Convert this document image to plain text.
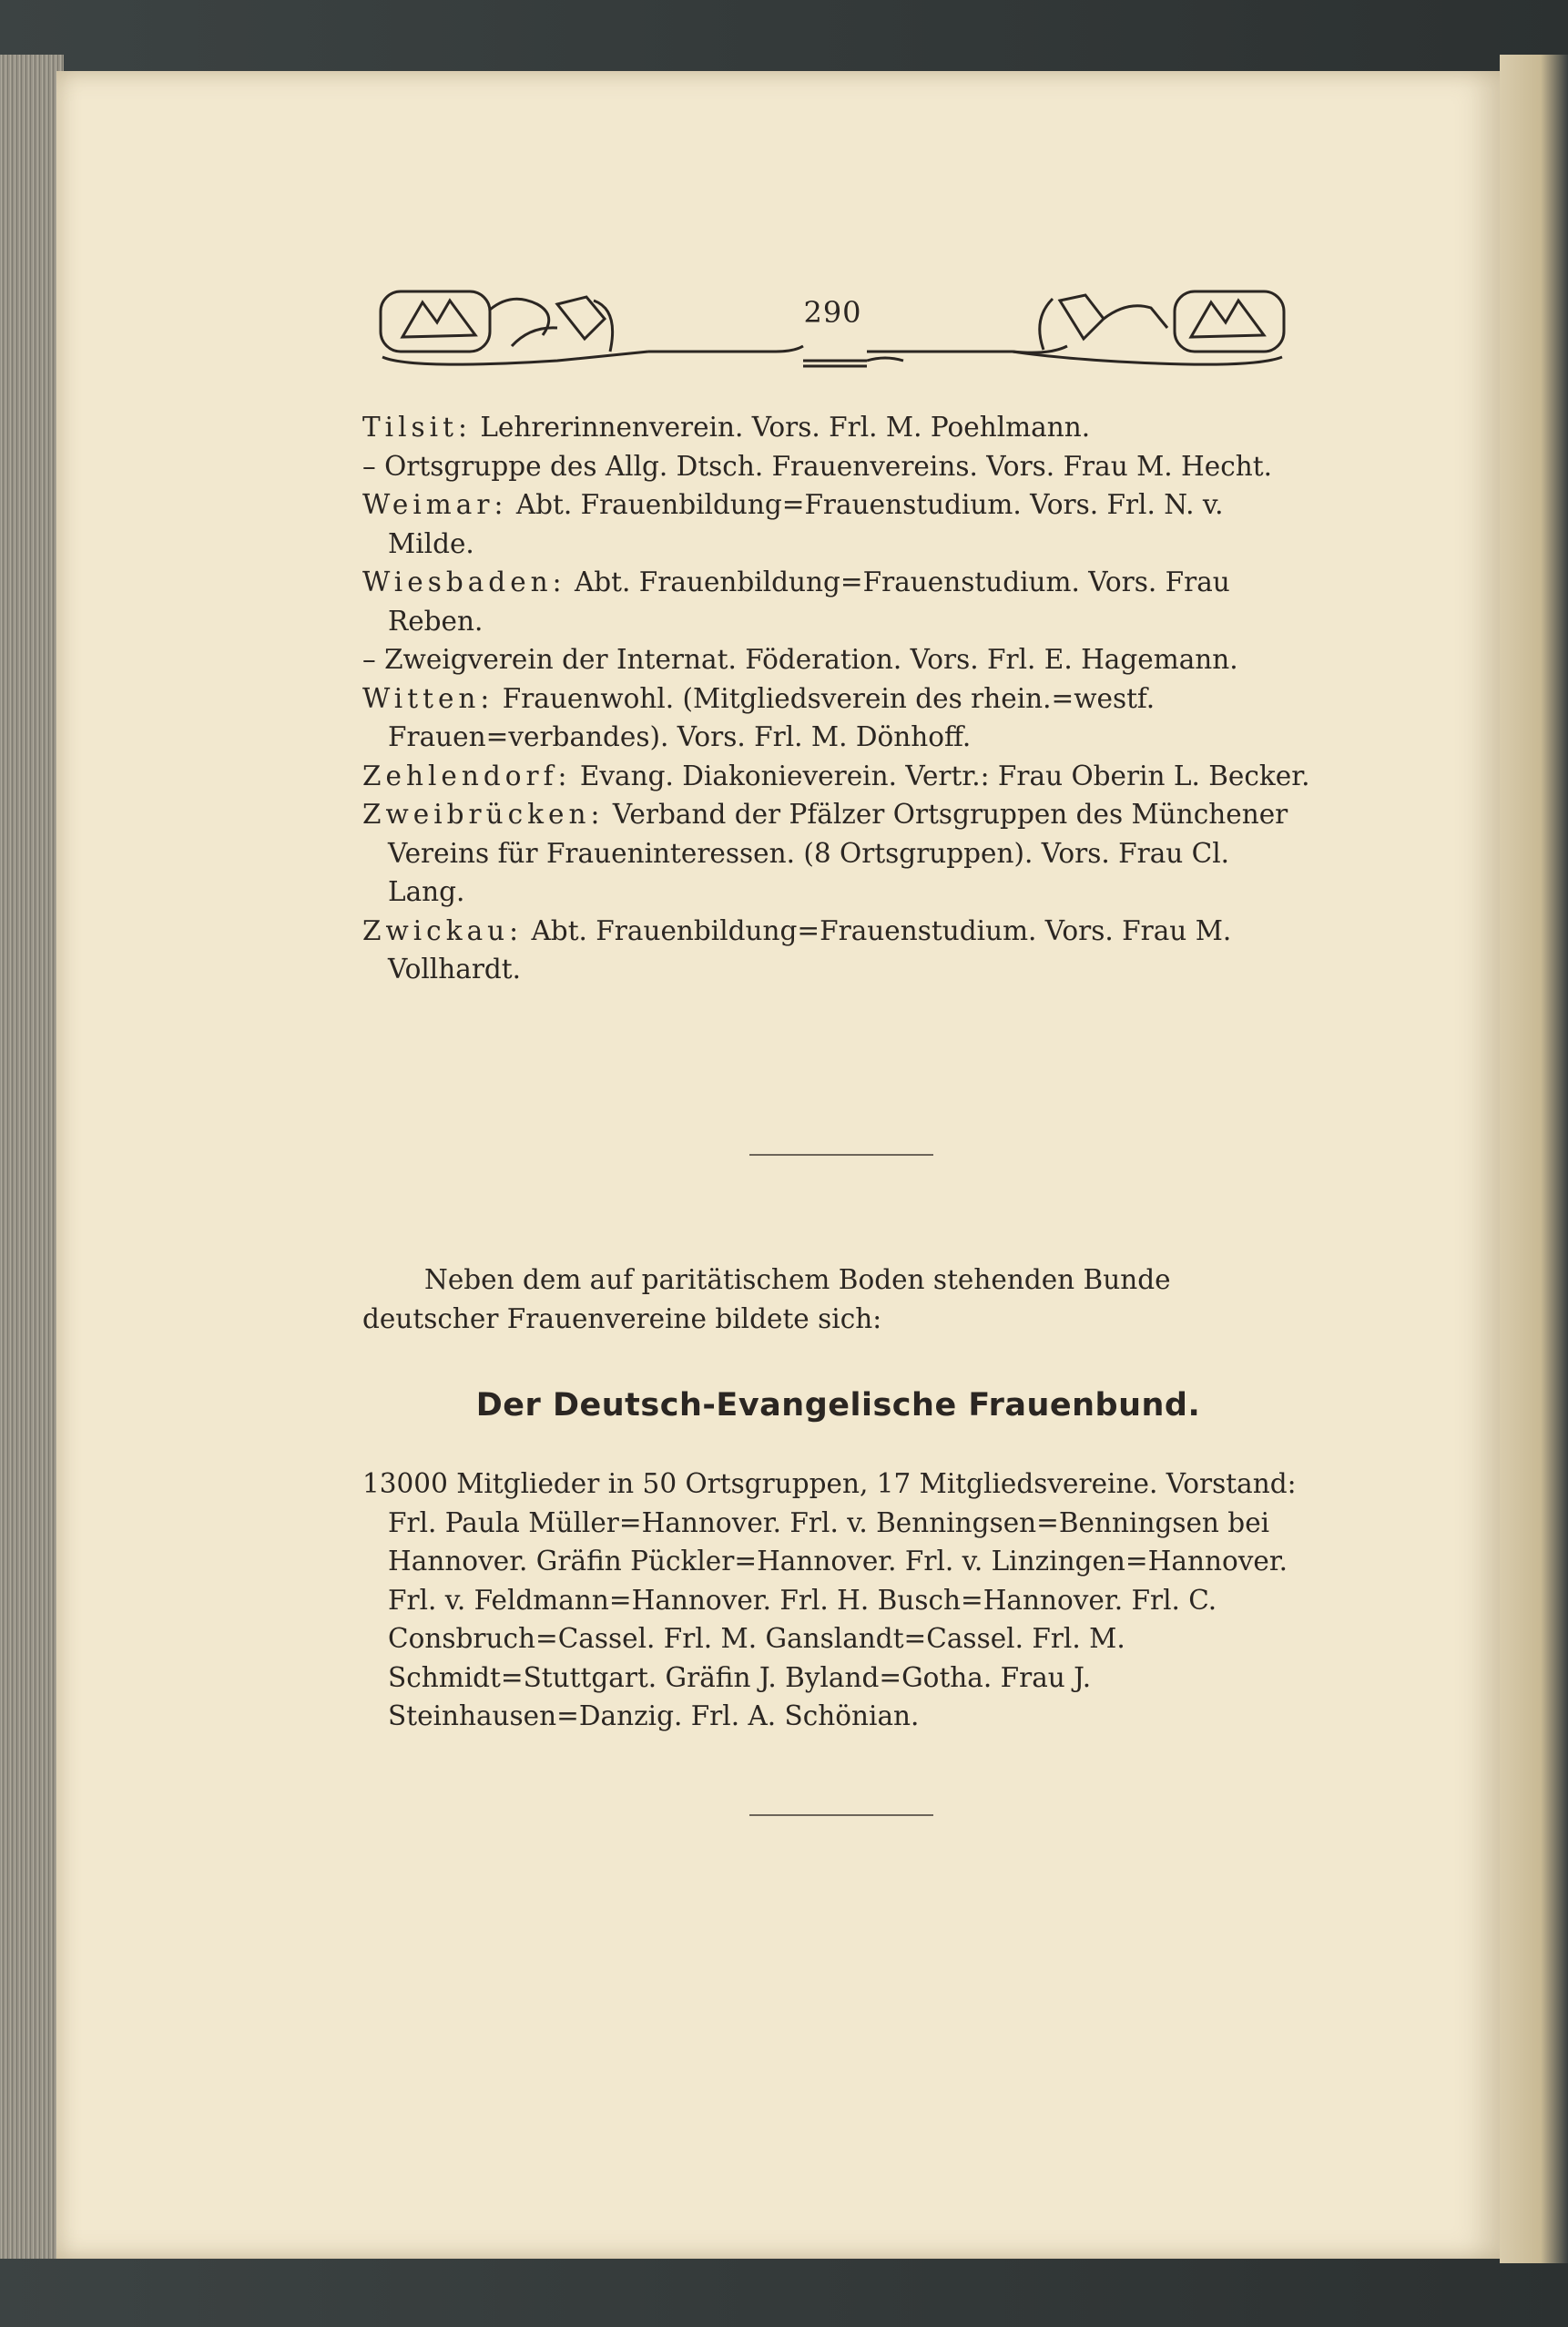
290

Tilsit: Lehrerinnenverein. Vors. Frl. M. Poehlmann.

– Ortsgruppe des Allg. Dtsch. Frauenvereins. Vors. Frau M. Hecht.

Weimar: Abt. Frauenbildung=Frauenstudium. Vors. Frl. N. v. Milde.

Wiesbaden: Abt. Frauenbildung=Frauenstudium. Vors. Frau Reben.

– Zweigverein der Internat. Föderation. Vors. Frl. E. Hagemann.

Witten: Frauenwohl. (Mitgliedsverein des rhein.=westf. Frauen=verbandes). Vors. Frl. M. Dönhoff.

Zehlendorf: Evang. Diakonieverein. Vertr.: Frau Oberin L. Becker.

Zweibrücken: Verband der Pfälzer Ortsgruppen des Münchener Vereins für Fraueninteressen. (8 Ortsgruppen). Vors. Frau Cl. Lang.

Zwickau: Abt. Frauenbildung=Frauenstudium. Vors. Frau M. Vollhardt.

Neben dem auf paritätischem Boden stehenden Bunde deutscher Frauenvereine bildete sich:

Der Deutsch-Evangelische Frauenbund.

13000 Mitglieder in 50 Ortsgruppen, 17 Mitgliedsvereine. Vorstand: Frl. Paula Müller=Hannover. Frl. v. Benningsen=Benningsen bei Hannover. Gräfin Pückler=Hannover. Frl. v. Linzingen=Hannover. Frl. v. Feldmann=Hannover. Frl. H. Busch=Hannover. Frl. C. Consbruch=Cassel. Frl. M. Ganslandt=Cassel. Frl. M. Schmidt=Stuttgart. Gräfin J. Byland=Gotha. Frau J. Steinhausen=Danzig. Frl. A. Schönian.
